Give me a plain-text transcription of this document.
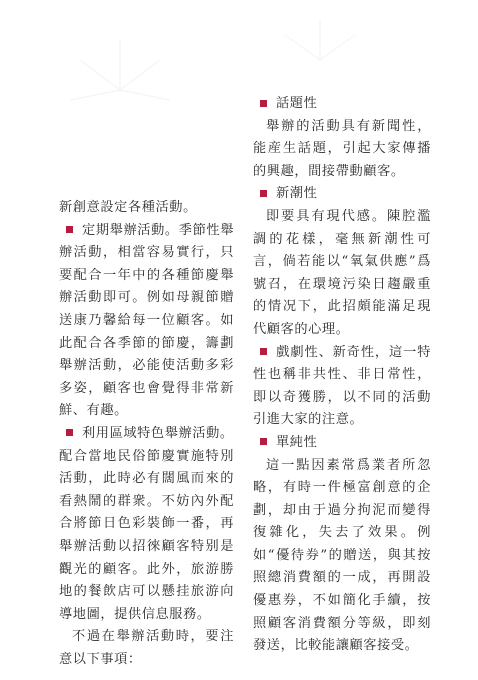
新創意設定各種活動。

定期舉辦活動。季節性舉辦活動，相當容易實行，只要配合一年中的各種節慶舉辦活動即可。例如母親節贈送康乃馨給每一位顧客。如此配合各季節的節慶，籌劃舉辦活動，必能使活動多彩多姿，顧客也會覺得非常新鮮、有趣。

利用區域特色舉辦活動。

配合當地民俗節慶實施特別活動，此時必有闊風而來的看熱鬧的群衆。不妨內外配合將節日色彩裝飾一番，再舉辦活動以招徠顧客特别是觀光的顧客。此外，旅游勝地的餐飲店可以懸挂旅游向導地圖，提供信息服務。

不過在舉辦活動時，要注意以下事項：

話題性

舉辦的活動具有新聞性，能産生話題，引起大家傳播的興趣，間接帶動顧客。

新潮性

即要具有現代感。陳腔濫調的花樣，毫無新潮性可言，倘若能以“氧氣供應”爲號召，在環境污染日趨嚴重的情况下，此招頗能滿足現代顧客的心理。

戲劇性、新奇性，這一特性也稱非共性、非日常性，即以奇獲勝，以不同的活動引進大家的注意。

單純性

這一點因素常爲業者所忽略，有時一件極富創意的企劃，却由于過分拘泥而變得復雜化，失去了效果。例如“優待券”的贈送，與其按照總消費額的一成，再開設優惠券，不如簡化手續，按照顧客消費額分等級，即刻發送，比較能讓顧客接受。
